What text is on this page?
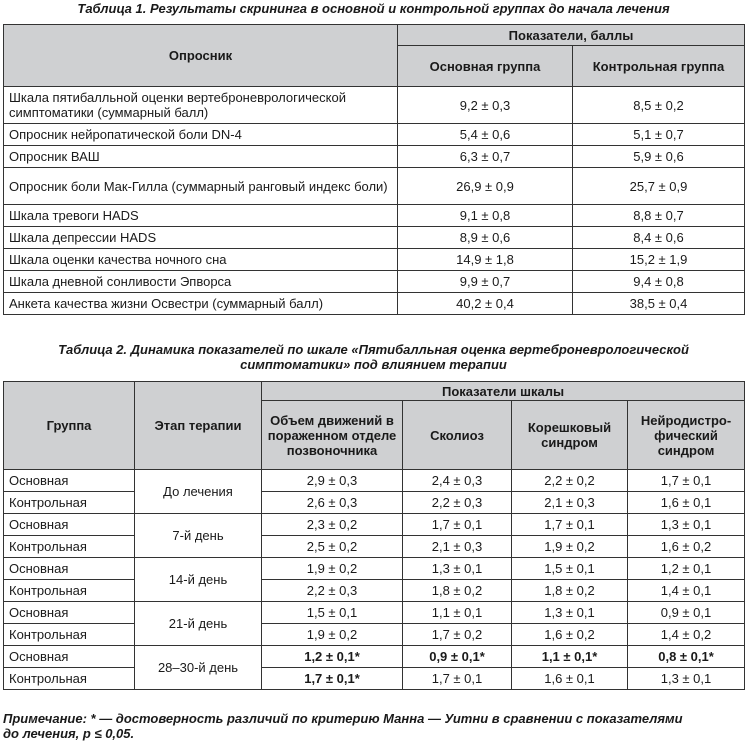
Таблица 1. Результаты скрининга в основной и контрольной группах до начала лечения
Опросник	Показатели, баллы	
	Основная группа	Контрольная группа
Шкала пятибалльной оценки вертеброневрологической симптоматики (суммарный балл)	9,2 ± 0,3	8,5 ± 0,2
Опросник нейропатической боли DN-4	5,4 ± 0,6	5,1 ± 0,7
Опросник ВАШ	6,3 ± 0,7	5,9 ± 0,6
Опросник боли Мак-Гилла (суммарный ранговый индекс боли)	26,9 ± 0,9	25,7 ± 0,9
Шкала тревоги HADS	9,1 ± 0,8	8,8 ± 0,7
Шкала депрессии HADS	8,9 ± 0,6	8,4 ± 0,6
Шкала оценки качества ночного сна	14,9 ± 1,8	15,2 ± 1,9
Шкала дневной сонливости Эпворса	9,9 ± 0,7	9,4 ± 0,8
Анкета качества жизни Освестри (суммарный балл)	40,2 ± 0,4	38,5 ± 0,4
Таблица 2. Динамика показателей по шкале «Пятибалльная оценка вертеброневрологической
симптоматики» под влиянием терапии
Группа	Этап терапии	Показатели шкалы			
		Объем движений в пораженном отделе позвоночника	Сколиоз	Корешковый синдром	Нейродистро-фический синдром
Основная	До лечения	2,9 ± 0,3	2,4 ± 0,3	2,2 ± 0,2	1,7 ± 0,1
Контрольная		2,6 ± 0,3	2,2 ± 0,3	2,1 ± 0,3	1,6 ± 0,1
Основная	7-й день	2,3 ± 0,2	1,7 ± 0,1	1,7 ± 0,1	1,3 ± 0,1
Контрольная		2,5 ± 0,2	2,1 ± 0,3	1,9 ± 0,2	1,6 ± 0,2
Основная	14-й день	1,9 ± 0,2	1,3 ± 0,1	1,5 ± 0,1	1,2 ± 0,1
Контрольная		2,2 ± 0,3	1,8 ± 0,2	1,8 ± 0,2	1,4 ± 0,1
Основная	21-й день	1,5 ± 0,1	1,1 ± 0,1	1,3 ± 0,1	0,9 ± 0,1
Контрольная		1,9 ± 0,2	1,7 ± 0,2	1,6 ± 0,2	1,4 ± 0,2
Основная	28–30-й день	1,2 ± 0,1*	0,9 ± 0,1*	1,1 ± 0,1*	0,8 ± 0,1*
Контрольная		1,7 ± 0,1*	1,7 ± 0,1	1,6 ± 0,1	1,3 ± 0,1
Примечание: * — достоверность различий по критерию Манна — Уитни в сравнении с показателями
до лечения, p ≤ 0,05.
